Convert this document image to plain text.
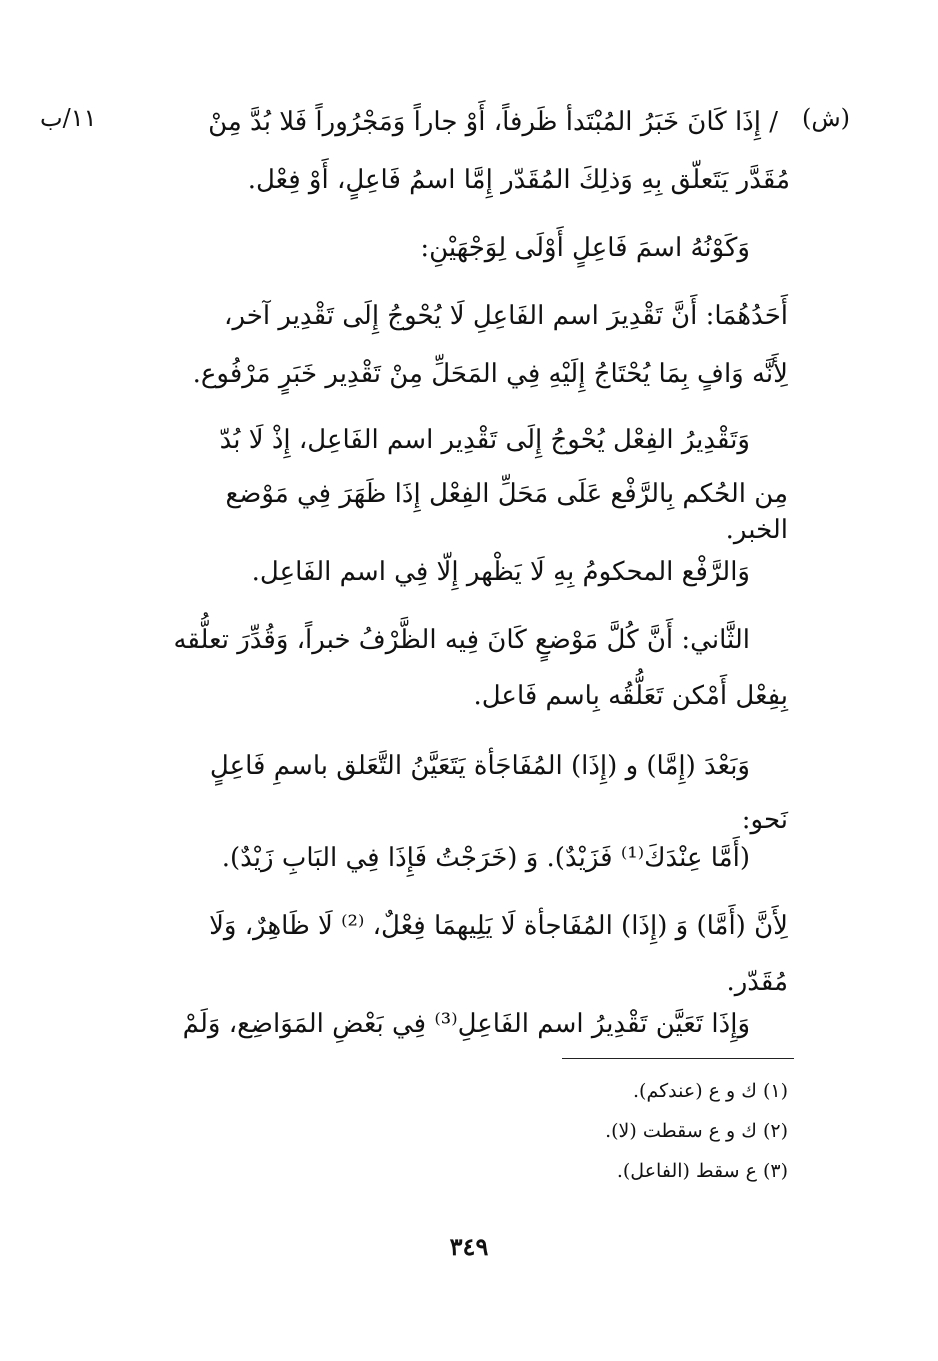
(ش)
١١/ب	/ إِذَا كَانَ خَبَرُ المُبْتَدأ ظَرفاً، أَوْ جاراً وَمَجْرُوراً فَلا بُدَّ مِنْ
مُقَدَّر يَتَعلّق بِهِ وَذلِكَ المُقَدّر إِمَّا اسمُ فَاعِلٍ، أَوْ فِعْل.
وَكَوْنُهُ اسمَ فَاعِلٍ أَوْلَى لِوَجْهَيْنِ:
أَحَدُهُمَا: أَنَّ تَقْدِيرَ اسم الفَاعِلِ لَا يُحْوجُ إِلَى تَقْدِير آخر،
لِأَنَّه وَافٍ بِمَا يُحْتَاجُ إِلَيْهِ فِي المَحَلِّ مِنْ تَقْدِير خَبَرٍ مَرْفُوع.
وَتَقْدِيرُ الفِعْل يُحْوجُ إِلَى تَقْدِير اسم الفَاعِل، إِذْ لَا بُدّ
مِن الحُكم بِالرَّفْع عَلَى مَحَلِّ الفِعْل إِذَا ظَهَرَ فِي مَوْضع
الخبر.
وَالرَّفْع المحكومُ بِهِ لَا يَظْهر إِلّا فِي اسم الفَاعِل.
الثَّاني: أَنَّ كُلَّ مَوْضعٍ كَانَ فِيه الظَّرْفُ خبراً، وَقُدِّرَ تعلُّقه
بِفِعْل أَمْكن تَعَلُّقُه بِاسم فَاعل.
وَبَعْدَ (إِمَّا) و (إِذَا) المُفَاجَأة يَتَعَيَّنُ التَّعَلق باسمِ فَاعِلٍ
نَحو:
(أَمَّا عِنْدَكَ⁽¹⁾ فَزَيْدٌ). وَ (خَرَجْتُ فَإِذَا فِي البَابِ زَيْدٌ).
لِأَنَّ (أَمَّا) وَ (إِذَا) المُفَاجأة لَا يَلِيهمَا فِعْلٌ، ⁽²⁾ لَا ظَاهِرٌ، وَلَا
مُقَدّر.
وَإِذَا تَعَيَّن تَقْدِيرُ اسم الفَاعِلِ⁽³⁾ فِي بَعْضِ المَوَاضِع، وَلَمْ
(١) ك و ع (عندكم).
(٢) ك و ع سقطت (لا).
(٣) ع سقط (الفاعل).
٣٤٩
